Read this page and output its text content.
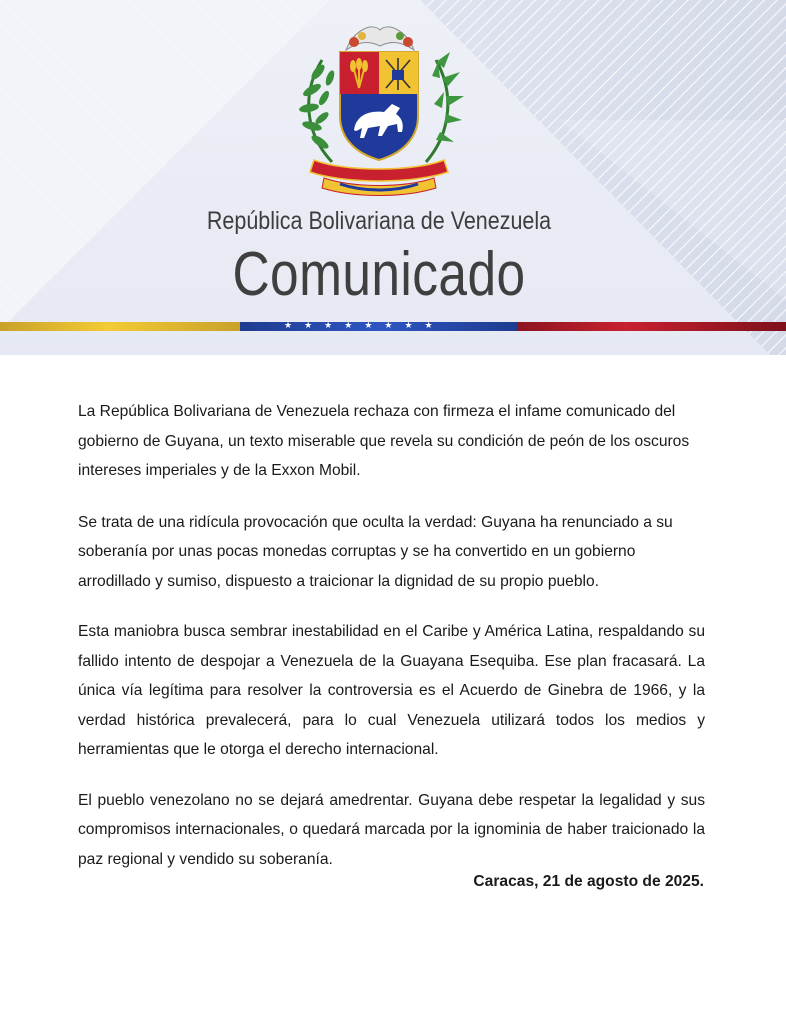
República Bolivariana de Venezuela
Comunicado
★ ★ ★ ★ ★ ★ ★ ★

La República Bolivariana de Venezuela rechaza con firmeza el infame comunicado del gobierno de Guyana, un texto miserable que revela su condición de peón de los oscuros intereses imperiales y de la Exxon Mobil.

Se trata de una ridícula provocación que oculta la verdad: Guyana ha renunciado a su soberanía por unas pocas monedas corruptas y se ha convertido en un gobierno arrodillado y sumiso, dispuesto a traicionar la dignidad de su propio pueblo.

Esta maniobra busca sembrar inestabilidad en el Caribe y América Latina, respaldando su fallido intento de despojar a Venezuela de la Guayana Esequiba. Ese plan fracasará. La única vía legítima para resolver la controversia es el Acuerdo de Ginebra de 1966, y la verdad histórica prevalecerá, para lo cual Venezuela utilizará todos los medios y herramientas que le otorga el derecho internacional.

El pueblo venezolano no se dejará amedrentar. Guyana debe respetar la legalidad y sus compromisos internacionales, o quedará marcada por la ignominia de haber traicionado la paz regional y vendido su soberanía.

Caracas, 21 de agosto de 2025.
